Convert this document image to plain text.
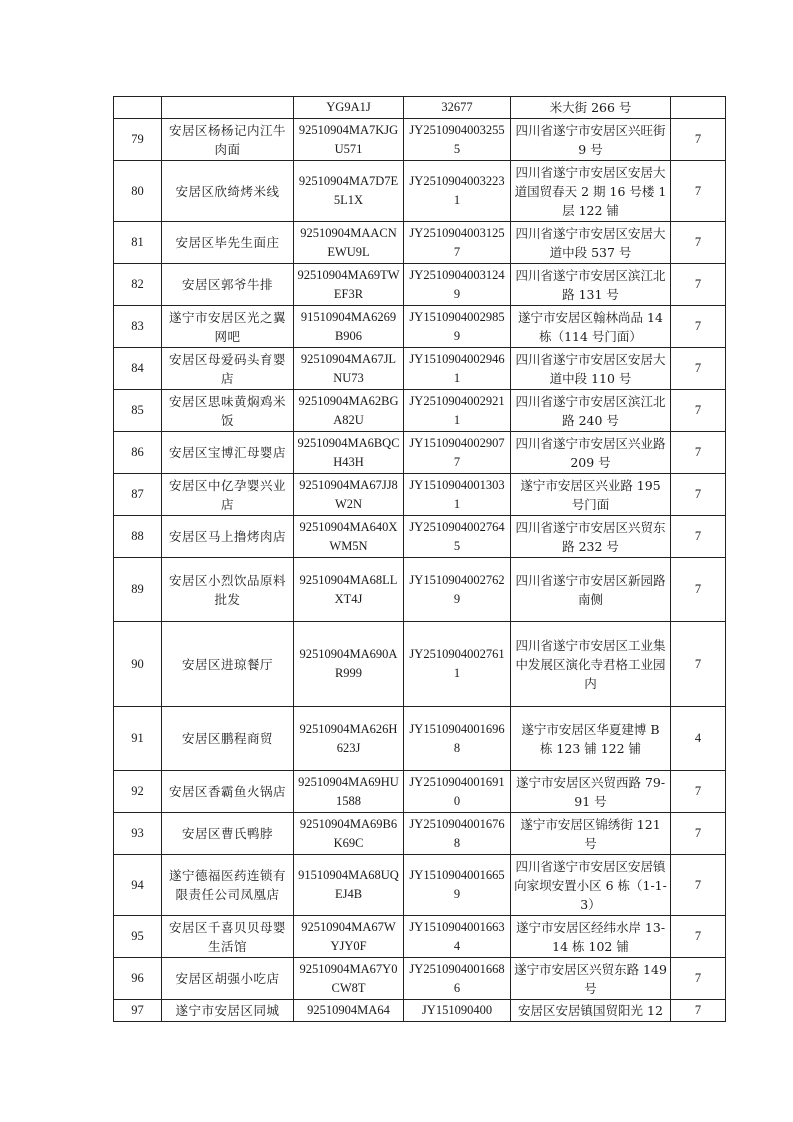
		YG9A1J	32677	米大街 266 号	
79	安居区杨杨记内江牛肉面	92510904MA7KJGU571	JY25109040032555	四川省遂宁市安居区兴旺街 9 号	7
80	安居区欣绮烤米线	92510904MA7D7E5L1X	JY25109040032231	四川省遂宁市安居区安居大道国贸春天 2 期 16 号楼 1 层 122 铺	7
81	安居区毕先生面庄	92510904MAACNEWU9L	JY25109040031257	四川省遂宁市安居区安居大道中段 537 号	7
82	安居区郭爷牛排	92510904MA69TWEF3R	JY25109040031249	四川省遂宁市安居区滨江北路 131 号	7
83	遂宁市安居区光之翼网吧	91510904MA6269B906	JY15109040029859	遂宁市安居区翰林尚品 14 栋（114 号门面）	7
84	安居区母爱码头育婴店	92510904MA67JLNU73	JY15109040029461	四川省遂宁市安居区安居大道中段 110 号	7
85	安居区思味黄焖鸡米饭	92510904MA62BGA82U	JY25109040029211	四川省遂宁市安居区滨江北路 240 号	7
86	安居区宝博汇母婴店	92510904MA6BQCH43H	JY15109040029077	四川省遂宁市安居区兴业路 209 号	7
87	安居区中亿孕婴兴业店	92510904MA67JJ8W2N	JY15109040013031	遂宁市安居区兴业路 195 号门面	7
88	安居区马上撸烤肉店	92510904MA640XWM5N	JY25109040027645	四川省遂宁市安居区兴贸东路 232 号	7
89	安居区小烈饮品原料批发	92510904MA68LLXT4J	JY15109040027629	四川省遂宁市安居区新园路南侧	7
90	安居区进琼餐厅	92510904MA690AR999	JY25109040027611	四川省遂宁市安居区工业集中发展区演化寺君格工业园内	7
91	安居区鹏程商贸	92510904MA626H623J	JY15109040016968	遂宁市安居区华夏建博 B 栋 123 铺 122 铺	4
92	安居区香霸鱼火锅店	92510904MA69HU1588	JY25109040016910	遂宁市安居区兴贸西路 79-91 号	7
93	安居区曹氏鸭脖	92510904MA69B6K69C	JY25109040016768	遂宁市安居区锦绣街 121 号	7
94	遂宁德福医药连锁有限责任公司凤凰店	91510904MA68UQEJ4B	JY15109040016659	四川省遂宁市安居区安居镇向家坝安置小区 6 栋（1-1-3）	7
95	安居区千喜贝贝母婴生活馆	92510904MA67WYJY0F	JY15109040016634	遂宁市安居区经纬水岸 13-14 栋 102 铺	7
96	安居区胡强小吃店	92510904MA67Y0CW8T	JY25109040016686	遂宁市安居区兴贸东路 149 号	7
97	遂宁市安居区同城	92510904MA64	JY151090400	安居区安居镇国贸阳光 12	7
